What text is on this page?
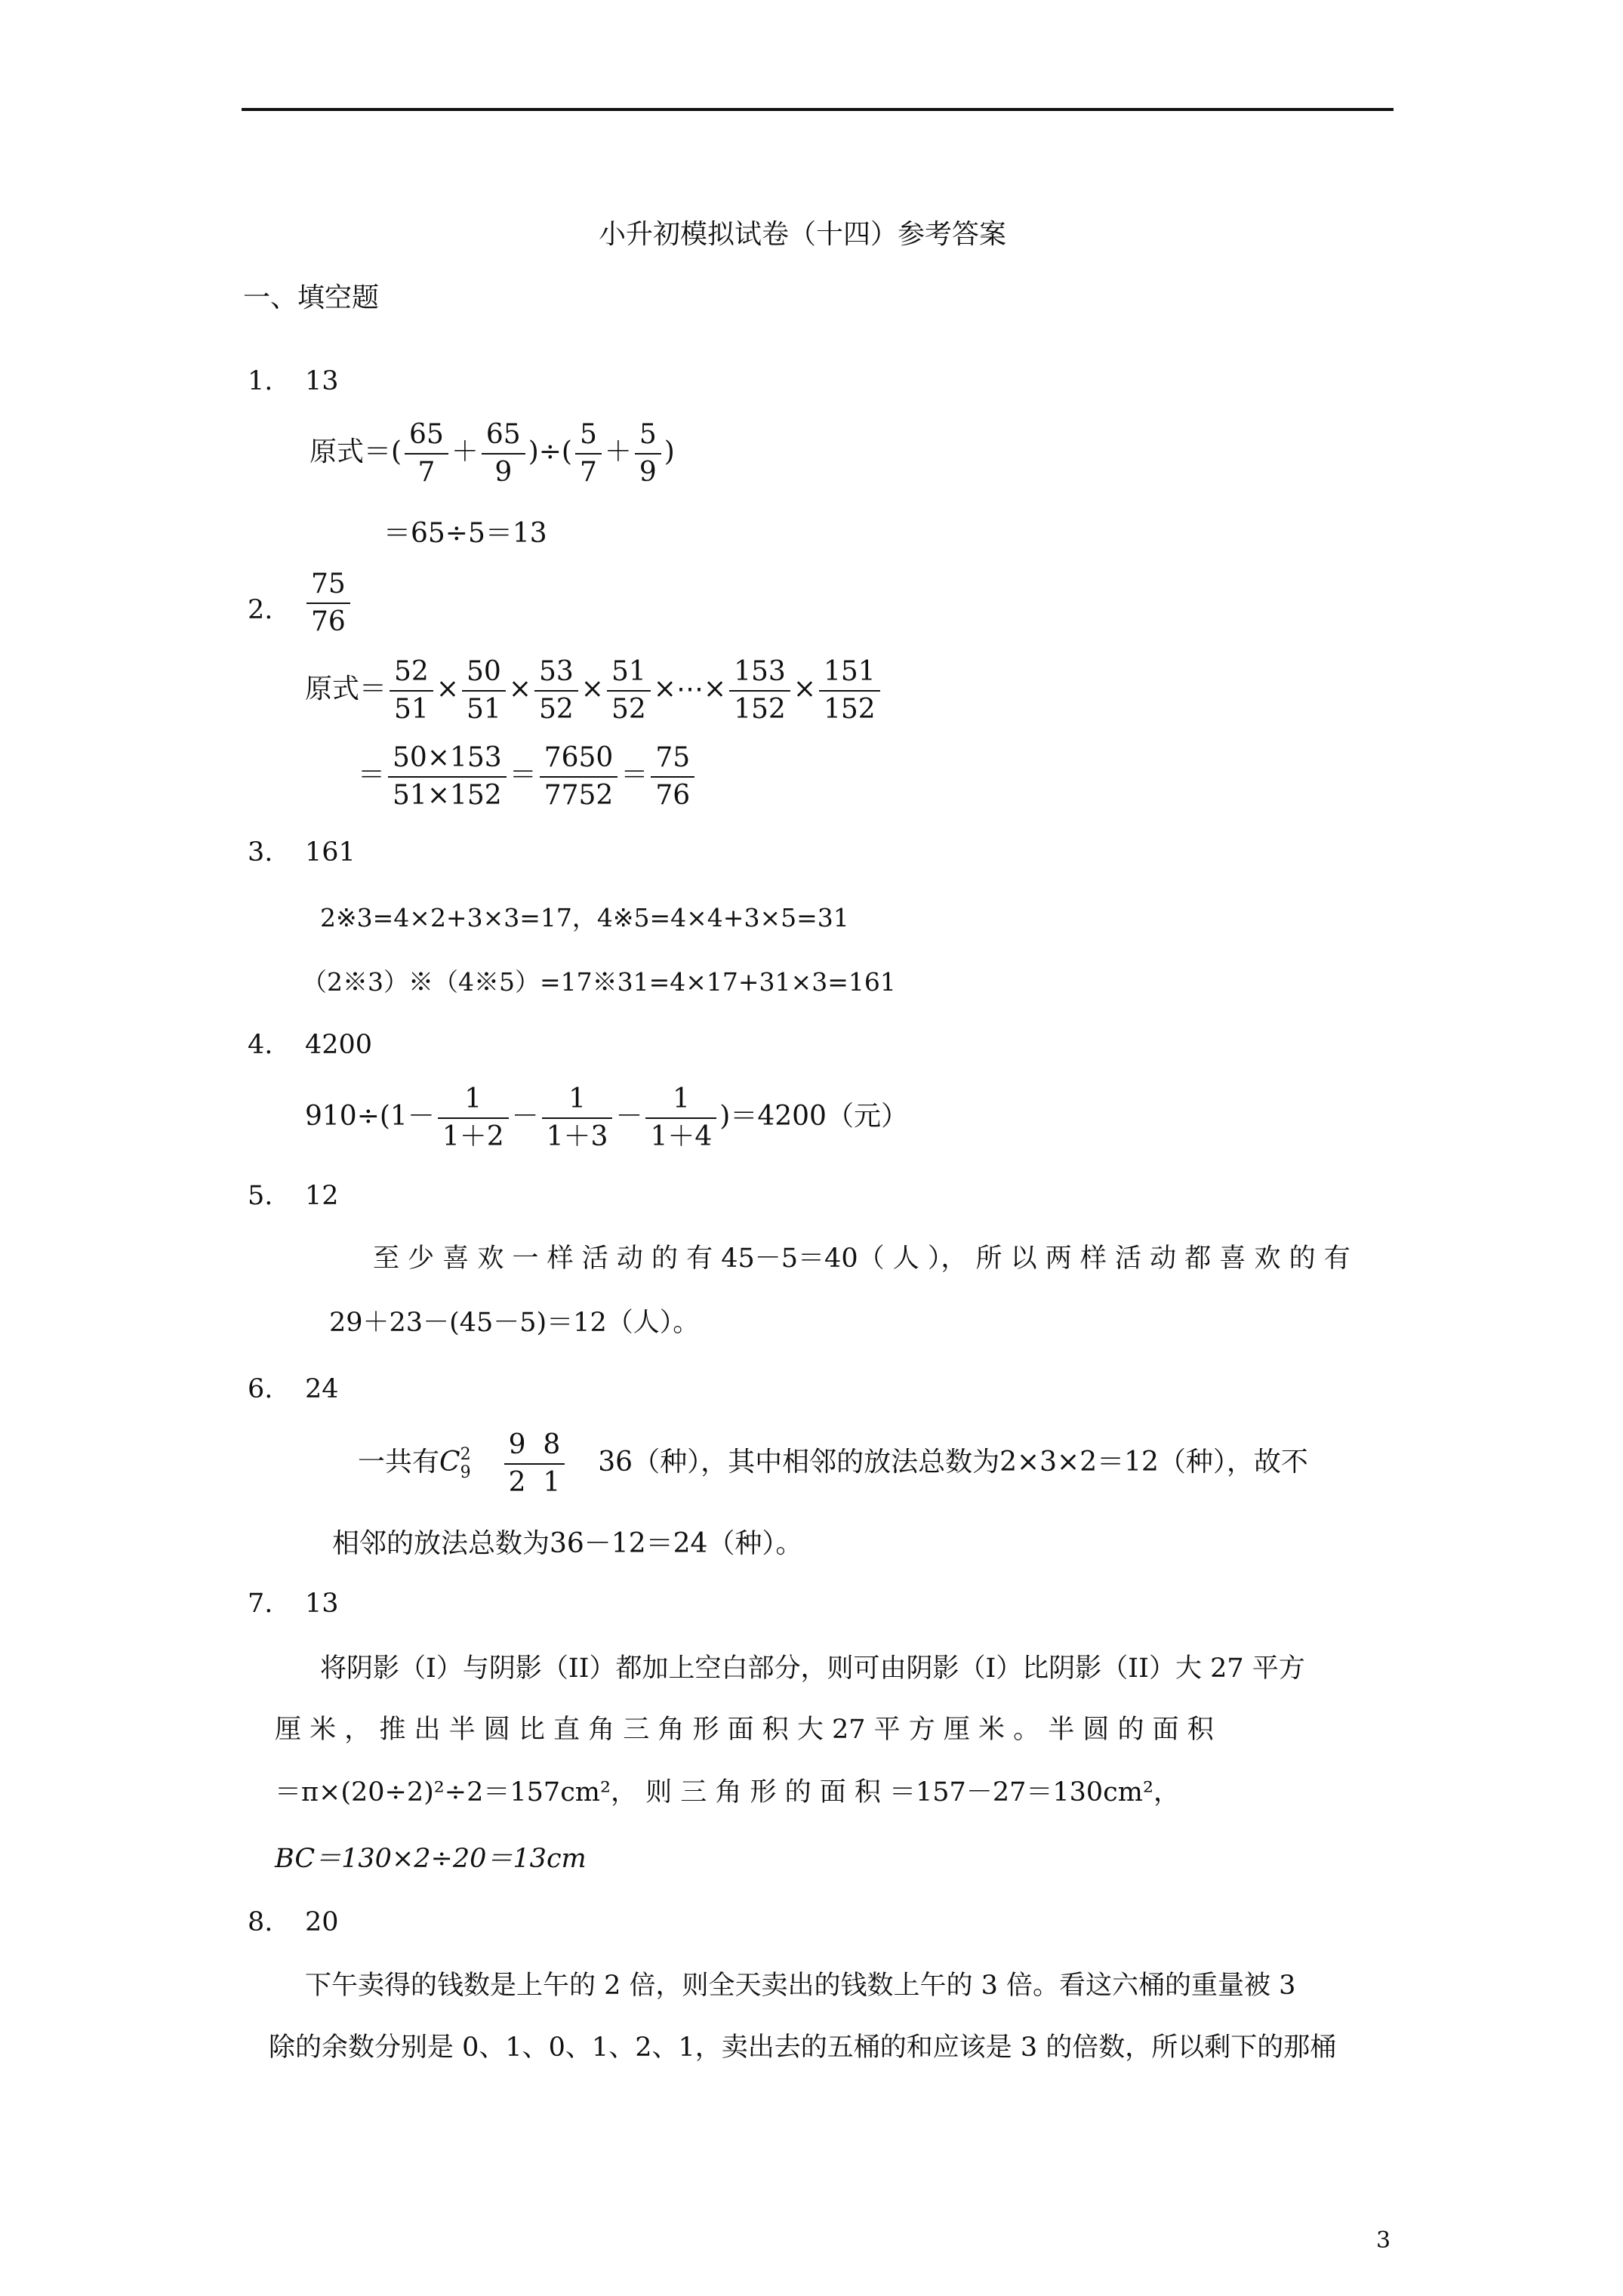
小升初模拟试卷（十四）参考答案
一、填空题
1. 13
原式＝( $\frac{65}{7} + \frac{65}{9}$ )÷( $\frac{5}{7} + \frac{5}{9}$ )
＝65÷5＝13
2. $\frac{75}{76}$
原式＝ $\frac{52}{51} \times \frac{50}{51} \times \frac{53}{52} \times \frac{51}{52}$ ×⋯× $\frac{153}{152} \times \frac{151}{152}$
＝ $\frac{50\times 153}{51\times 152} = \frac{7650}{7752} = \frac{75}{76}$
3. 161
2※3=4×2+3×3=17，4※5=4×4+3×5=31
（2※3）※（4※5）=17※31=4×17+31×3=161
4. 4200
$910\div(1- \frac{1}{1+2} - \frac{1}{1+3} - \frac{1}{1+4} )=4200$（元）
5. 12
至 少 喜 欢 一 样 活 动 的 有 45－5＝40（ 人 ）， 所 以 两 样 活 动 都 喜 欢 的 有
29＋23－(45－5)＝12（人）。
6. 24
一共有C 2
$9 \frac{9 8}{2 1} 36$（种），其中相邻的放法总数为2×3×2＝12（种），故不
相邻的放法总数为36－12＝24（种）。
7. 13
将阴影（I）与阴影（II）都加上空白部分，则可由阴影（I）比阴影（II）大 27 平方
厘 米 ， 推 出 半 圆 比 直 角 三 角 形 面 积 大 27 平 方 厘 米 。 半 圆 的 面 积
＝π×(20÷2)²÷2＝157cm²， 则 三 角 形 的 面 积 ＝157－27＝130cm²，
BC＝130×2÷20＝13cm
8. 20
下午卖得的钱数是上午的 2 倍，则全天卖出的钱数上午的 3 倍。看这六桶的重量被 3
除的余数分别是 0、1、0、1、2、1，卖出去的五桶的和应该是 3 的倍数，所以剩下的那桶
3
